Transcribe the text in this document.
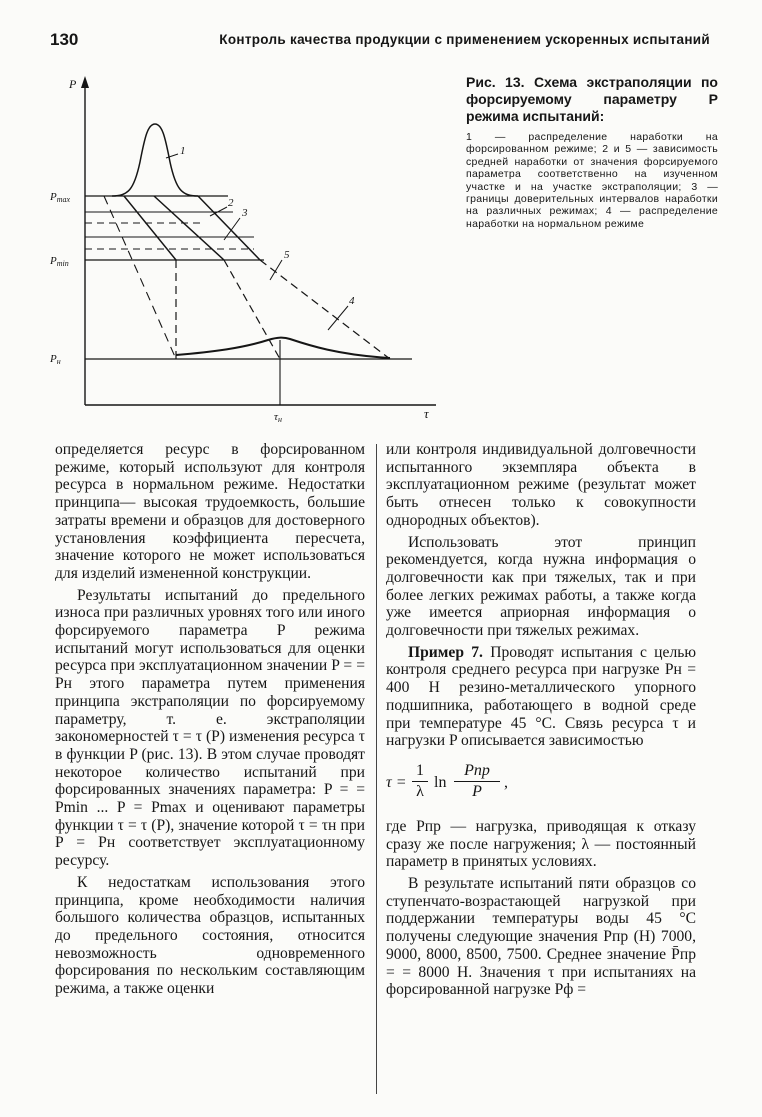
130	Контроль качества продукции с применением ускоренных испытаний
P
τ
Pmax
Pmin
Pн
τн
1
2
3
5
4

Рис. 13. Схема экстраполяции по форсируемому параметру P режима испытаний:

1 — распределение наработки на форсированном режиме; 2 и 5 — зависимость средней наработки от значения форсируемого параметра соответственно на изученном участке и на участке экстраполяции; 3 — границы доверительных интервалов наработки на различных режимах; 4 — распределение наработки на нормальном режиме

определяется ресурс в форсированном режиме, который используют для контроля ресурса в нормальном режиме. Недостатки принципа— высокая трудоемкость, большие затраты времени и образцов для достоверного установления коэффициента пересчета, значение которого не может использоваться для изделий измененной конструкции.

Результаты испытаний до предельного износа при различных уровнях того или иного форсируемого параметра P режима испытаний могут использоваться для оценки ресурса при эксплуатационном значении P = = Pн этого параметра путем применения принципа экстраполяции по форсируемому параметру, т. е. экстраполяции закономерностей τ = τ (P) изменения ресурса τ в функции P (рис. 13). В этом случае проводят некоторое количество испытаний при форсированных значениях параметра: P = = Pmin ... P = Pmax и оценивают параметры функции τ = τ (P), значение которой τ = τн при P = Pн соответствует эксплуатационному ресурсу.

К недостаткам использования этого принципа, кроме необходимости наличия большого количества образцов, испытанных до предельного состояния, относится невозможность одновременного форсирования по нескольким составляющим режима, а также оценки

или контроля индивидуальной долговечности испытанного экземпляра объекта в эксплуатационном режиме (результат может быть отнесен только к совокупности однородных объектов).

Использовать этот принцип рекомендуется, когда нужна информация о долговечности как при тяжелых, так и при более легких режимах работы, а также когда уже имеется априорная информация о долговечности при тяжелых режимах.

Пример 7. Проводят испытания с целью контроля среднего ресурса при нагрузке Pн = 400 Н резино-металлического упорного подшипника, работающего в водной среде при температуре 45 °С. Связь ресурса τ и нагрузки P описывается зависимостью

$\tau = \frac{1}{\lambda}$ ln
Pпр
P
,

где Pпр — нагрузка, приводящая к отказу сразу же после нагружения; λ — постоянный параметр в принятых условиях.

В результате испытаний пяти образцов со ступенчато-возрастающей нагрузкой при поддержании температуры воды 45 °С получены следующие значения Pпр (Н) 7000, 9000, 8000, 8500, 7500. Среднее значение P̄пр = = 8000 Н. Значения τ при испытаниях на форсированной нагрузке Pф =
